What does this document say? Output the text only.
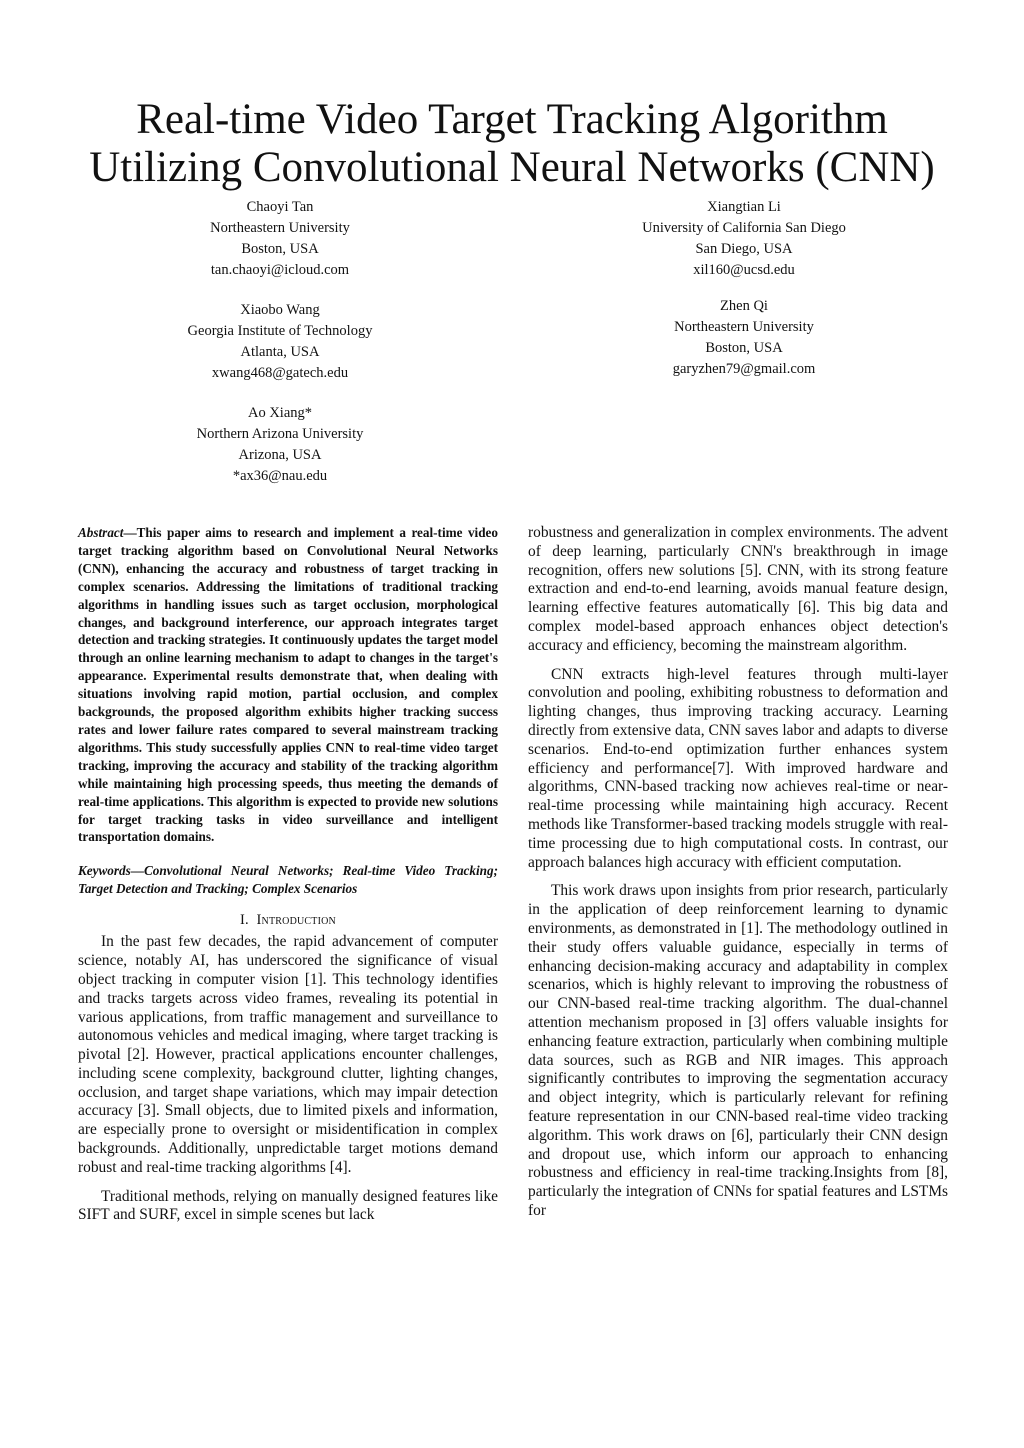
Real-time Video Target Tracking Algorithm
Utilizing Convolutional Neural Networks (CNN)
Chaoyi Tan
Northeastern University
Boston, USA
tan.chaoyi@icloud.com
Xiangtian Li
University of California San Diego
San Diego, USA
xil160@ucsd.edu
Xiaobo Wang
Georgia Institute of Technology
Atlanta, USA
xwang468@gatech.edu
Zhen Qi
Northeastern University
Boston, USA
garyzhen79@gmail.com
Ao Xiang*
Northern Arizona University
Arizona, USA
*ax36@nau.edu

Abstract—This paper aims to research and implement a real-time video target tracking algorithm based on Convolutional Neural Networks (CNN), enhancing the accuracy and robustness of target tracking in complex scenarios. Addressing the limitations of traditional tracking algorithms in handling issues such as target occlusion, morphological changes, and background interference, our approach integrates target detection and tracking strategies. It continuously updates the target model through an online learning mechanism to adapt to changes in the target's appearance. Experimental results demonstrate that, when dealing with situations involving rapid motion, partial occlusion, and complex backgrounds, the proposed algorithm exhibits higher tracking success rates and lower failure rates compared to several mainstream tracking algorithms. This study successfully applies CNN to real-time video target tracking, improving the accuracy and stability of the tracking algorithm while maintaining high processing speeds, thus meeting the demands of real-time applications. This algorithm is expected to provide new solutions for target tracking tasks in video surveillance and intelligent transportation domains.

Keywords—Convolutional Neural Networks; Real-time Video Tracking; Target Detection and Tracking; Complex Scenarios

I. Introduction

In the past few decades, the rapid advancement of computer science, notably AI, has underscored the significance of visual object tracking in computer vision [1]. This technology identifies and tracks targets across video frames, revealing its potential in various applications, from traffic management and surveillance to autonomous vehicles and medical imaging, where target tracking is pivotal [2]. However, practical applications encounter challenges, including scene complexity, background clutter, lighting changes, occlusion, and target shape variations, which may impair detection accuracy [3]. Small objects, due to limited pixels and information, are especially prone to oversight or misidentification in complex backgrounds. Additionally, unpredictable target motions demand robust and real-time tracking algorithms [4].

Traditional methods, relying on manually designed features like SIFT and SURF, excel in simple scenes but lack

robustness and generalization in complex environments. The advent of deep learning, particularly CNN's breakthrough in image recognition, offers new solutions [5]. CNN, with its strong feature extraction and end-to-end learning, avoids manual feature design, learning effective features automatically [6]. This big data and complex model-based approach enhances object detection's accuracy and efficiency, becoming the mainstream algorithm.

CNN extracts high-level features through multi-layer convolution and pooling, exhibiting robustness to deformation and lighting changes, thus improving tracking accuracy. Learning directly from extensive data, CNN saves labor and adapts to diverse scenarios. End-to-end optimization further enhances system efficiency and performance[7]. With improved hardware and algorithms, CNN-based tracking now achieves real-time or near-real-time processing while maintaining high accuracy. Recent methods like Transformer-based tracking models struggle with real-time processing due to high computational costs. In contrast, our approach balances high accuracy with efficient computation.

This work draws upon insights from prior research, particularly in the application of deep reinforcement learning to dynamic environments, as demonstrated in [1]. The methodology outlined in their study offers valuable guidance, especially in terms of enhancing decision-making accuracy and adaptability in complex scenarios, which is highly relevant to improving the robustness of our CNN-based real-time tracking algorithm. The dual-channel attention mechanism proposed in [3] offers valuable insights for enhancing feature extraction, particularly when combining multiple data sources, such as RGB and NIR images. This approach significantly contributes to improving the segmentation accuracy and object integrity, which is particularly relevant for refining feature representation in our CNN-based real-time video tracking algorithm. This work draws on [6], particularly their CNN design and dropout use, which inform our approach to enhancing robustness and efficiency in real-time tracking.Insights from [8], particularly the integration of CNNs for spatial features and LSTMs for
